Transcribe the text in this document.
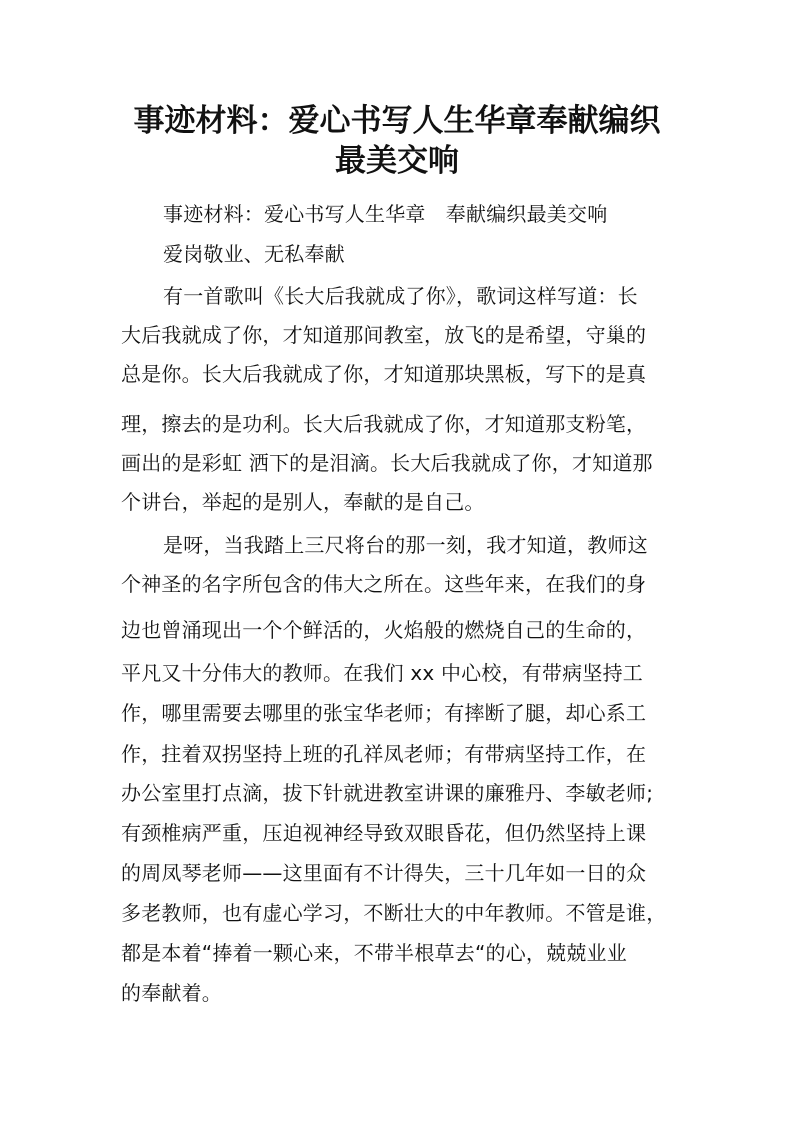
事迹材料：爱心书写人生华章奉献编织
最美交响
事迹材料：爱心书写人生华章　奉献编织最美交响
爱岗敬业、无私奉献
有一首歌叫《长大后我就成了你》，歌词这样写道：长
大后我就成了你，才知道那间教室，放飞的是希望，守巢的
总是你。长大后我就成了你，才知道那块黑板，写下的是真
理，擦去的是功利。长大后我就成了你，才知道那支粉笔，
画出的是彩虹 洒下的是泪滴。长大后我就成了你，才知道那
个讲台，举起的是别人，奉献的是自己。
是呀，当我踏上三尺将台的那一刻，我才知道，教师这
个神圣的名字所包含的伟大之所在。这些年来，在我们的身
边也曾涌现出一个个鲜活的，火焰般的燃烧自己的生命的，
平凡又十分伟大的教师。在我们 xx 中心校，有带病坚持工
作，哪里需要去哪里的张宝华老师；有摔断了腿，却心系工
作，拄着双拐坚持上班的孔祥凤老师；有带病坚持工作，在
办公室里打点滴，拔下针就进教室讲课的廉雅丹、李敏老师;
有颈椎病严重，压迫视神经导致双眼昏花，但仍然坚持上课
的周凤琴老师——这里面有不计得失，三十几年如一日的众
多老教师，也有虚心学习，不断壮大的中年教师。不管是谁，
都是本着“捧着一颗心来，不带半根草去“的心，兢兢业业
的奉献着。
